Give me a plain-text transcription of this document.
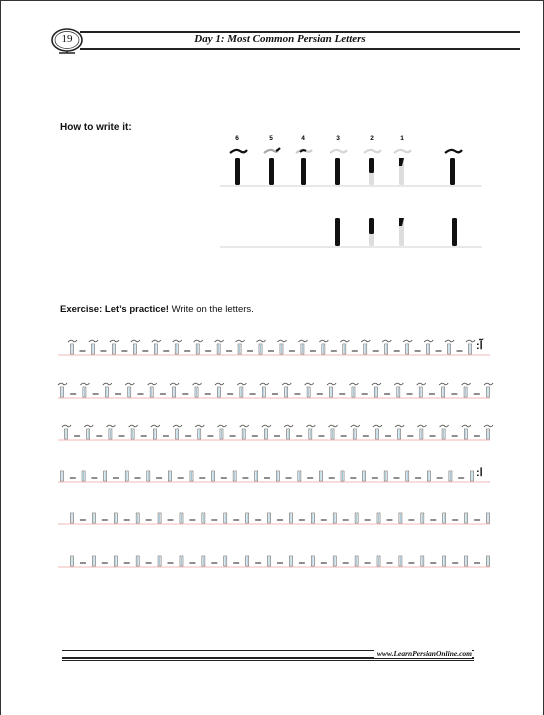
19	Day 1: Most Common Persian Letters
How to write it:
6	5	4	3	2	1
Exercise: Let’s practice! Write on the letters.
:آ
:ا
www.LearnPersianOnline.com
